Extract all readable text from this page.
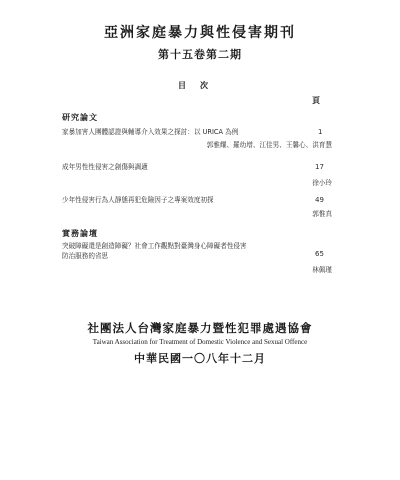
亞洲家庭暴力與性侵害期刊
第十五卷第二期
目次
頁
研究論文
家暴加害人團體認證與輔導介入效果之探討：以 URICA 為例
郭雅耀、羅幼增、江佳男、王馨心、洪育慧
1
成年男性性侵害之創傷與調適
徐小玲
17
少年性侵害行為人靜態再犯危險因子之專案效度初探
郭惟真
49
實務論壇
突破障礙還是創造障礙？社會工作觀點對臺灣身心障礙者性侵害
防治服務的省思
林佩瑾
65
社團法人台灣家庭暴力暨性犯罪處遇協會
Taiwan Association for Treatment of Domestic Violence and Sexual Offence
中華民國一〇八年十二月
